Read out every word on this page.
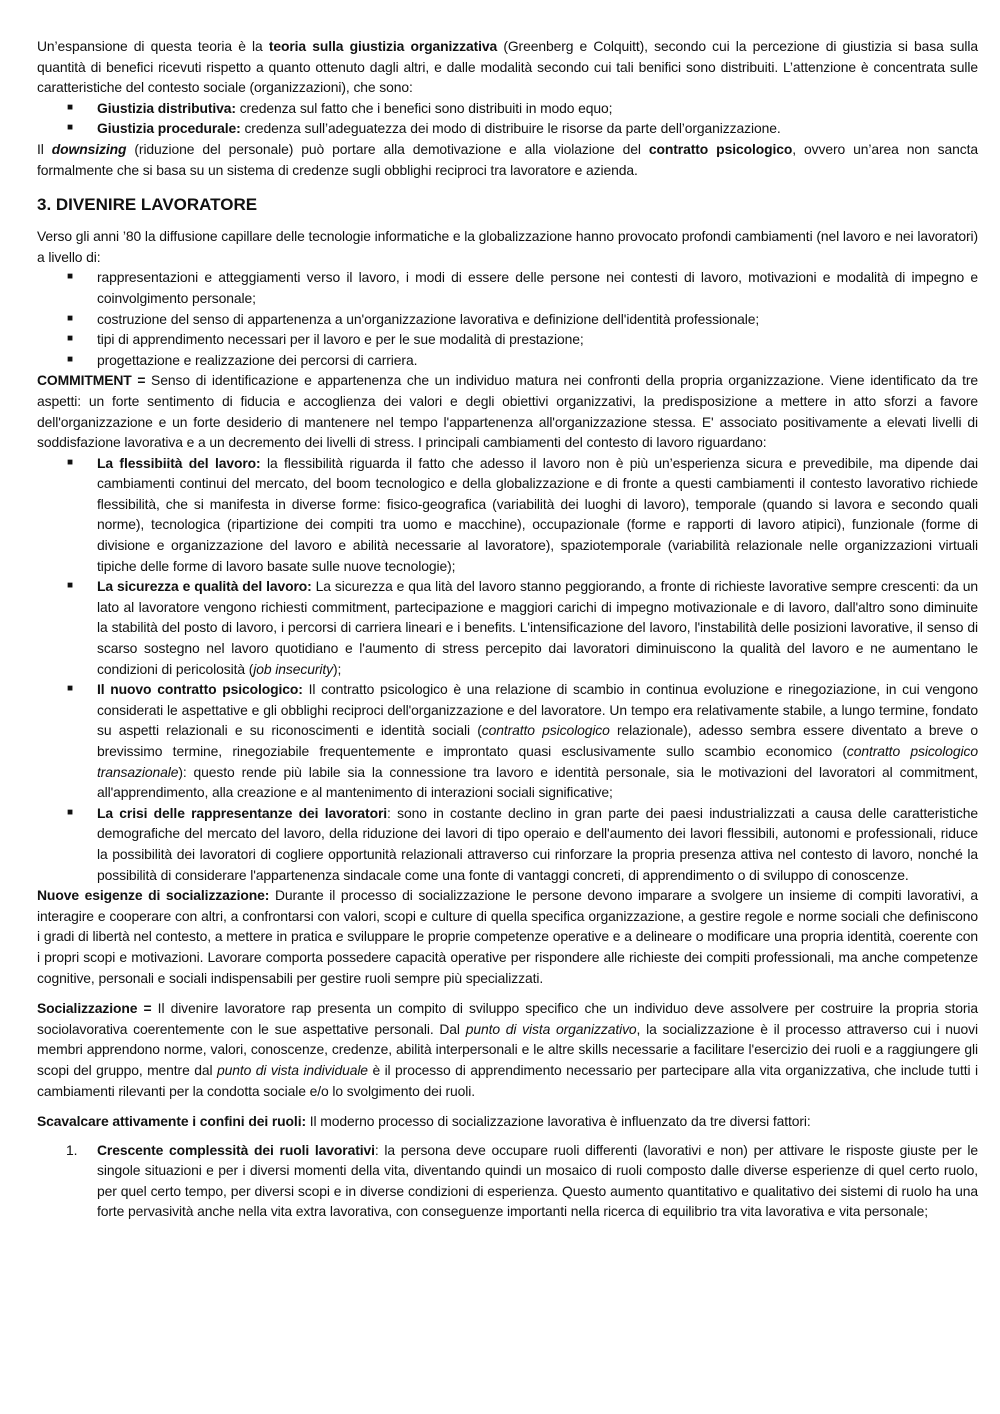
Un’espansione di questa teoria è la teoria sulla giustizia organizzativa (Greenberg e Colquitt), secondo cui la percezione di giustizia si basa sulla quantità di benefici ricevuti rispetto a quanto ottenuto dagli altri, e dalle modalità secondo cui tali benifici sono distribuiti. L’attenzione è concentrata sulle caratteristiche del contesto sociale (organizzazioni), che sono:

■ Giustizia distributiva: credenza sul fatto che i benefici sono distribuiti in modo equo;
■ Giustizia procedurale: credenza sull’adeguatezza dei modo di distribuire le risorse da parte dell’organizzazione.

Il downsizing (riduzione del personale) può portare alla demotivazione e alla violazione del contratto psicologico, ovvero un’area non sancta formalmente che si basa su un sistema di credenze sugli obblighi reciproci tra lavoratore e azienda.

3. DIVENIRE LAVORATORE

Verso gli anni ’80 la diffusione capillare delle tecnologie informatiche e la globalizzazione hanno provocato profondi cambiamenti (nel lavoro e nei lavoratori) a livello di:

■ rappresentazioni e atteggiamenti verso il lavoro, i modi di essere delle persone nei contesti di lavoro, motivazioni e modalità di impegno e coinvolgimento personale;
■ costruzione del senso di appartenenza a un'organizzazione lavorativa e definizione dell'identità professionale;
■ tipi di apprendimento necessari per il lavoro e per le sue modalità di prestazione;
■ progettazione e realizzazione dei percorsi di carriera.

COMMITMENT = Senso di identificazione e appartenenza che un individuo matura nei confronti della propria organizzazione. Viene identificato da tre aspetti: un forte sentimento di fiducia e accoglienza dei valori e degli obiettivi organizzativi, la predisposizione a mettere in atto sforzi a favore dell'organizzazione e un forte desiderio di mantenere nel tempo l'appartenenza all'organizzazione stessa. E' associato positivamente a elevati livelli di soddisfazione lavorativa e a un decremento dei livelli di stress. I principali cambiamenti del contesto di lavoro riguardano:

■ La flessibiità del lavoro: la flessibilità riguarda il fatto che adesso il lavoro non è più un’esperienza sicura e prevedibile, ma dipende dai cambiamenti continui del mercato, del boom tecnologico e della globalizzazione e di fronte a questi cambiamenti il contesto lavorativo richiede flessibilità, che si manifesta in diverse forme: fisico-geografica (variabilità dei luoghi di lavoro), temporale (quando si lavora e secondo quali norme), tecnologica (ripartizione dei compiti tra uomo e macchine), occupazionale (forme e rapporti di lavoro atipici), funzionale (forme di divisione e organizzazione del lavoro e abilità necessarie al lavoratore), spaziotemporale (variabilità relazionale nelle organizzazioni virtuali tipiche delle forme di lavoro basate sulle nuove tecnologie);
■ La sicurezza e qualità del lavoro: La sicurezza e qua lità del lavoro stanno peggiorando, a fronte di richieste lavorative sempre crescenti: da un lato al lavoratore vengono richiesti commitment, partecipazione e maggiori carichi di impegno motivazionale e di lavoro, dall'altro sono diminuite la stabilità del posto di lavoro, i percorsi di carriera lineari e i benefits. L'intensificazione del lavoro, l'instabilità delle posizioni lavorative, il senso di scarso sostegno nel lavoro quotidiano e l'aumento di stress percepito dai lavoratori diminuiscono la qualità del lavoro e ne aumentano le condizioni di pericolosità (job insecurity);
■ Il nuovo contratto psicologico: Il contratto psicologico è una relazione di scambio in continua evoluzione e rinegoziazione, in cui vengono considerati le aspettative e gli obblighi reciproci dell'organizzazione e del lavoratore. Un tempo era relativamente stabile, a lungo termine, fondato su aspetti relazionali e su riconoscimenti e identità sociali (contratto psicologico relazionale), adesso sembra essere diventato a breve o brevissimo termine, rinegoziabile frequentemente e improntato quasi esclusivamente sullo scambio economico (contratto psicologico transazionale): questo rende più labile sia la connessione tra lavoro e identità personale, sia le motivazioni del lavoratori al commitment, all'apprendimento, alla creazione e al mantenimento di interazioni sociali significative;
■ La crisi delle rappresentanze dei lavoratori: sono in costante declino in gran parte dei paesi industrializzati a causa delle caratteristiche demografiche del mercato del lavoro, della riduzione dei lavori di tipo operaio e dell'aumento dei lavori flessibili, autonomi e professionali, riduce la possibilità dei lavoratori di cogliere opportunità relazionali attraverso cui rinforzare la propria presenza attiva nel contesto di lavoro, nonché la possibilità di considerare l'appartenenza sindacale come una fonte di vantaggi concreti, di apprendimento o di sviluppo di conoscenze.

Nuove esigenze di socializzazione: Durante il processo di socializzazione le persone devono imparare a svolgere un insieme di compiti lavorativi, a interagire e cooperare con altri, a confrontarsi con valori, scopi e culture di quella specifica organizzazione, a gestire regole e norme sociali che definiscono i gradi di libertà nel contesto, a mettere in pratica e sviluppare le proprie competenze operative e a delineare o modificare una propria identità, coerente con i propri scopi e motivazioni. Lavorare comporta possedere capacità operative per rispondere alle richieste dei compiti professionali, ma anche competenze cognitive, personali e sociali indispensabili per gestire ruoli sempre più specializzati.

Socializzazione = Il divenire lavoratore rap presenta un compito di sviluppo specifico che un individuo deve assolvere per costruire la propria storia sociolavorativa coerentemente con le sue aspettative personali. Dal punto di vista organizzativo, la socializzazione è il processo attraverso cui i nuovi membri apprendono norme, valori, conoscenze, credenze, abilità interpersonali e le altre skills necessarie a facilitare l'esercizio dei ruoli e a raggiungere gli scopi del gruppo, mentre dal punto di vista individuale è il processo di apprendimento necessario per partecipare alla vita organizzativa, che include tutti i cambiamenti rilevanti per la condotta sociale e/o lo svolgimento dei ruoli.

Scavalcare attivamente i confini dei ruoli: Il moderno processo di socializzazione lavorativa è influenzato da tre diversi fattori:

1. Crescente complessità dei ruoli lavorativi: la persona deve occupare ruoli differenti (lavorativi e non) per attivare le risposte giuste per le singole situazioni e per i diversi momenti della vita, diventando quindi un mosaico di ruoli composto dalle diverse esperienze di quel certo ruolo, per quel certo tempo, per diversi scopi e in diverse condizioni di esperienza. Questo aumento quantitativo e qualitativo dei sistemi di ruolo ha una forte pervasività anche nella vita extra lavorativa, con conseguenze importanti nella ricerca di equilibrio tra vita lavorativa e vita personale;
